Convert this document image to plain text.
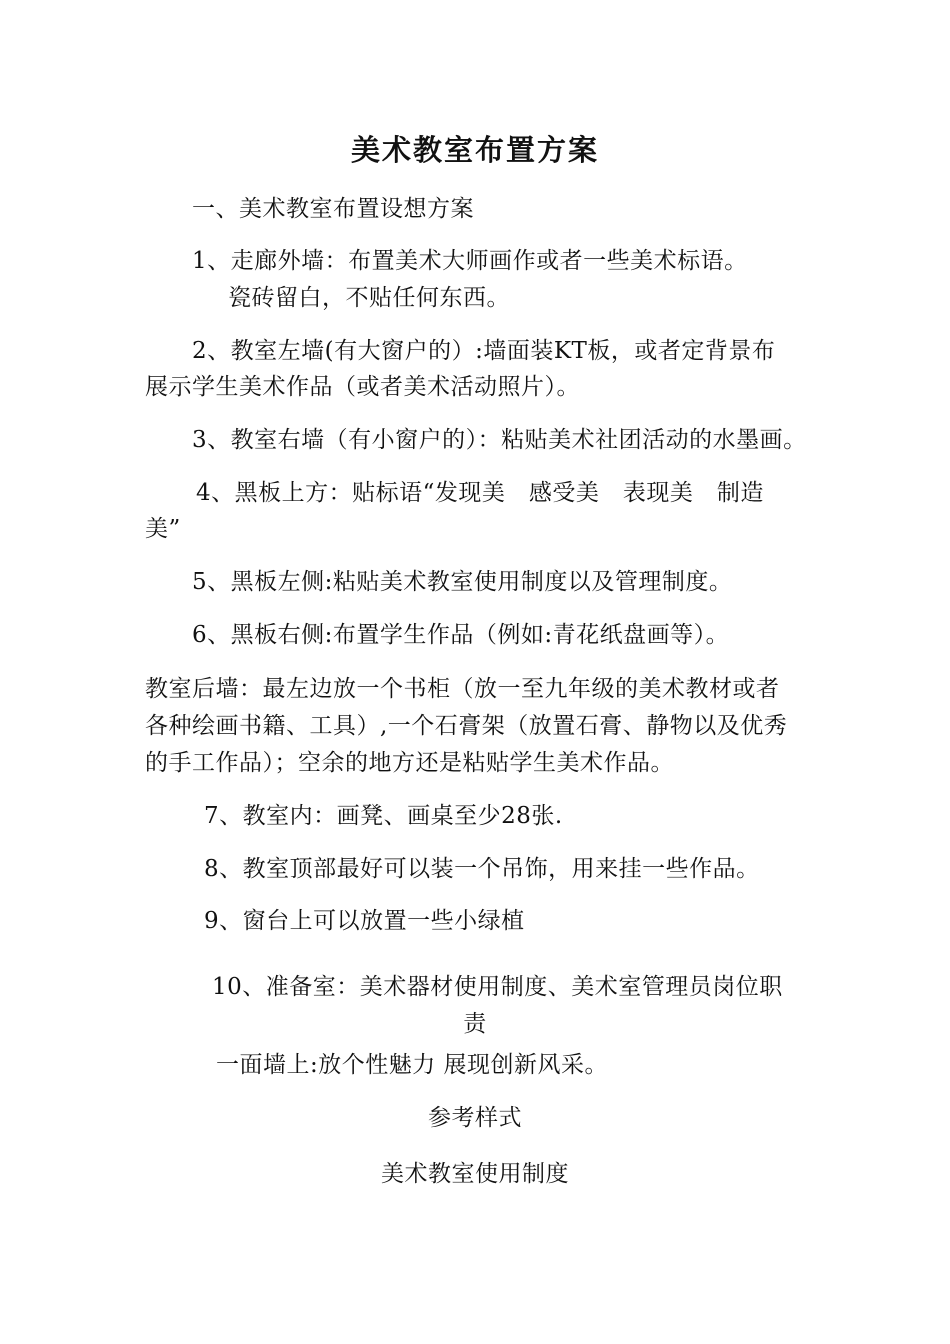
美术教室布置方案
一、美术教室布置设想方案
1、走廊外墙：布置美术大师画作或者一些美术标语。
瓷砖留白，不贴任何东西。
2、教室左墙(有大窗户的）:墙面装KT板，或者定背景布
展示学生美术作品（或者美术活动照片）。
3、教室右墙（有小窗户的）：粘贴美术社团活动的水墨画。
4、黑板上方：贴标语“发现美　感受美　表现美　制造
美”
5、黑板左侧:粘贴美术教室使用制度以及管理制度。
6、黑板右侧:布置学生作品（例如:青花纸盘画等）。
教室后墙：最左边放一个书柜（放一至九年级的美术教材或者
各种绘画书籍、工具）,一个石膏架（放置石膏、静物以及优秀
的手工作品）；空余的地方还是粘贴学生美术作品。
7、教室内：画凳、画桌至少28张.
8、教室顶部最好可以装一个吊饰，用来挂一些作品。
9、窗台上可以放置一些小绿植
10、准备室：美术器材使用制度、美术室管理员岗位职
责
一面墙上:放个性魅力 展现创新风采。
参考样式
美术教室使用制度
